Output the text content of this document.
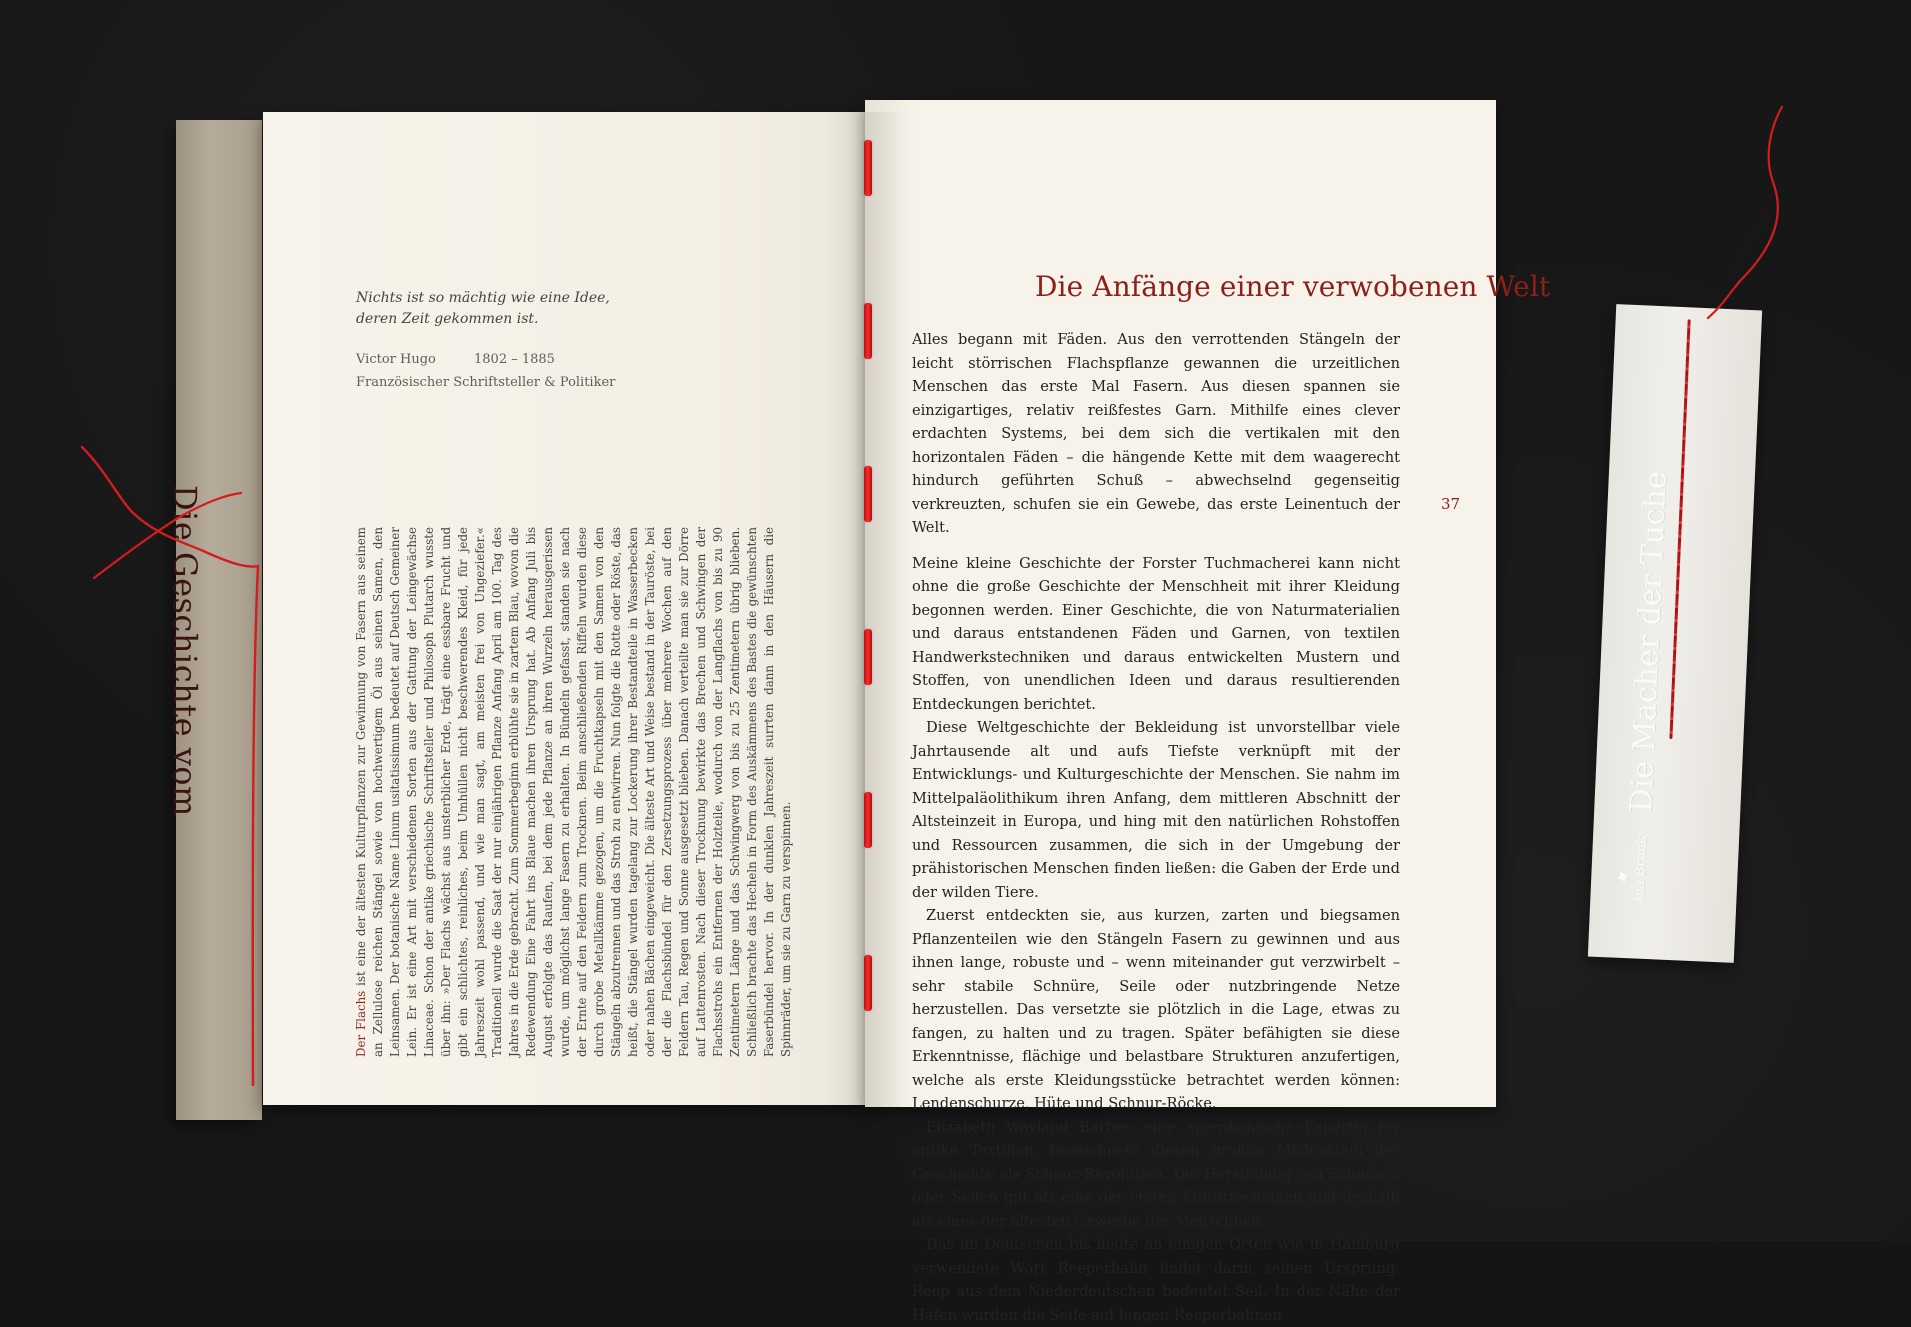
Die Geschichte vom
Nichts ist so mächtig wie eine Idee,
deren Zeit gekommen ist.
Victor Hugo	1802 – 1885
Französischer Schriftsteller & Politiker
Der Flachs ist eine der ältesten Kulturpflanzen zur Gewinnung von Fasern aus seinem an Zellulose reichen Stängel sowie von hochwertigem Öl aus seinen Samen, den Leinsamen. Der botanische Name Linum usitatissimum bedeutet auf Deutsch Gemeiner Lein. Er ist eine Art mit verschiedenen Sorten aus der Gattung der Leingewächse Linaceae. Schon der antike griechische Schriftsteller und Philosoph Plutarch wusste über ihn: »Der Flachs wächst aus unsterblicher Erde, trägt eine essbare Frucht und gibt ein schlichtes, reinliches, beim Umhüllen nicht beschwerendes Kleid, für jede Jahreszeit wohl passend, und wie man sagt, am meisten frei von Ungeziefer.« Traditionell wurde die Saat der nur einjährigen Pflanze Anfang April am 100. Tag des Jahres in die Erde gebracht. Zum Sommerbeginn erblühte sie in zartem Blau, wovon die Redewendung Eine Fahrt ins Blaue machen ihren Ursprung hat. Ab Anfang Juli bis August erfolgte das Raufen, bei dem jede Pflanze an ihren Wurzeln herausgerissen wurde, um möglichst lange Fasern zu erhalten. In Bündeln gefasst, standen sie nach der Ernte auf den Feldern zum Trocknen. Beim anschließenden Riffeln wurden diese durch grobe Metallkämme gezogen, um die Fruchtkapseln mit den Samen von den Stängeln abzutrennen und das Stroh zu entwirren. Nun folgte die Rotte oder Röste, das heißt, die Stängel wurden tagelang zur Lockerung ihrer Bestandteile in Wasserbecken oder nahen Bächen eingeweicht. Die älteste Art und Weise bestand in der Tauröste, bei der die Flachsbündel für den Zersetzungsprozess über mehrere Wochen auf den Feldern Tau, Regen und Sonne ausgesetzt blieben. Danach verteilte man sie zur Dörre auf Lattenrosten. Nach dieser Trocknung bewirkte das Brechen und Schwingen der Flachsstrohs ein Entfernen der Holzteile, wodurch von der Langflachs von bis zu 90 Zentimetern Länge und das Schwingwerg von bis zu 25 Zentimetern übrig blieben. Schließlich brachte das Hecheln in Form des Auskämmens des Bastes die gewünschten Faserbündel hervor. In der dunklen Jahreszeit surrten dann in den Häusern die Spinnräder, um sie zu Garn zu verspinnen.
Die Anfänge einer verwobenen Welt
37

Alles begann mit Fäden. Aus den verrottenden Stängeln der leicht störrischen Flachspflanze gewannen die urzeitlichen Menschen das erste Mal Fasern. Aus diesen spannen sie einzigartiges, relativ reißfestes Garn. Mithilfe eines clever erdachten Systems, bei dem sich die vertikalen mit den horizontalen Fäden – die hängende Kette mit dem waagerecht hindurch geführten Schuß – abwechselnd gegenseitig verkreuzten, schufen sie ein Gewebe, das erste Leinentuch der Welt.

Meine kleine Geschichte der Forster Tuchmacherei kann nicht ohne die große Geschichte der Menschheit mit ihrer Kleidung begonnen werden. Einer Geschichte, die von Naturmaterialien und daraus entstandenen Fäden und Garnen, von textilen Handwerkstechniken und daraus entwickelten Mustern und Stoffen, von unendlichen Ideen und daraus resultierenden Entdeckungen berichtet.

Diese Weltgeschichte der Bekleidung ist unvorstellbar viele Jahrtausende alt und aufs Tiefste verknüpft mit der Entwicklungs- und Kulturgeschichte der Menschen. Sie nahm im Mittelpaläolithikum ihren Anfang, dem mittleren Abschnitt der Altsteinzeit in Europa, und hing mit den natürlichen Rohstoffen und Ressourcen zusammen, die sich in der Umgebung der prähistorischen Menschen finden ließen: die Gaben der Erde und der wilden Tiere.

Zuerst entdeckten sie, aus kurzen, zarten und biegsamen Pflanzenteilen wie den Stängeln Fasern zu gewinnen und aus ihnen lange, robuste und – wenn miteinander gut verzwirbelt – sehr stabile Schnüre, Seile oder nutzbringende Netze herzustellen. Das versetzte sie plötzlich in die Lage, etwas zu fangen, zu halten und zu tragen. Später befähigten sie diese Erkenntnisse, flächige und belastbare Strukturen anzufertigen, welche als erste Kleidungsstücke betrachtet werden können: Lendenschurze, Hüte und Schnur-Röcke.

Elizabeth Wayland Barber, eine amerikanische Expertin für antike Textilien, bezeichnete diesen großen Meilenstein der Geschichte als Schnur-Revolution. Die Herstellung von Schnüren oder Seilen gilt als eine der ersten Kulturtechniken und deshalb als eines der ältesten Gewerbe der Menschheit.

Das im Deutschen bis heute an einigen Orten wie in Hamburg verwendete Wort Reeperbahn findet darin seinen Ursprung. Reep aus dem Niederdeutschen bedeutet Seil. In der Nähe der Häfen wurden die Seile auf langen Reeperbahnen

✦
Ina Brunk Die Macher der Tuche
